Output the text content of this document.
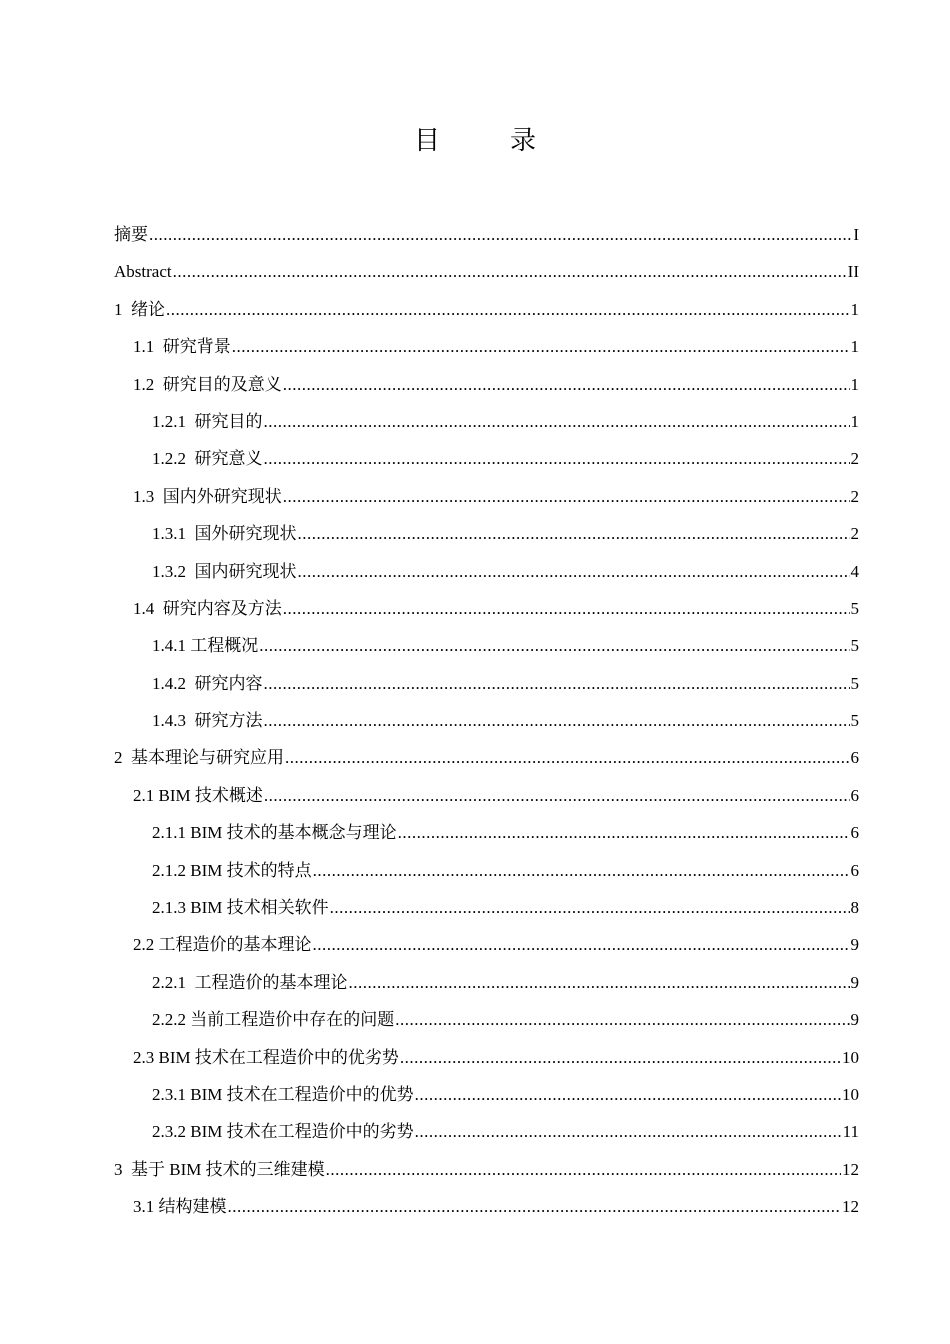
目　录
摘要 .....	I
Abstract .....	II
1  绪论 .....	1
1.1  研究背景 .....	1
1.2  研究目的及意义 .....	1
1.2.1  研究目的 .....	1
1.2.2  研究意义 .....	2
1.3  国内外研究现状 .....	2
1.3.1  国外研究现状 .....	2
1.3.2  国内研究现状 .....	4
1.4  研究内容及方法 .....	5
1.4.1 工程概况 .....	5
1.4.2  研究内容 .....	5
1.4.3  研究方法 .....	5
2  基本理论与研究应用 .....	6
2.1 BIM 技术概述 .....	6
2.1.1 BIM 技术的基本概念与理论 .....	6
2.1.2 BIM 技术的特点 .....	6
2.1.3 BIM 技术相关软件 .....	8
2.2 工程造价的基本理论 .....	9
2.2.1  工程造价的基本理论 .....	9
2.2.2 当前工程造价中存在的问题 .....	9
2.3 BIM 技术在工程造价中的优劣势 .....	10
2.3.1 BIM 技术在工程造价中的优势 .....	10
2.3.2 BIM 技术在工程造价中的劣势 .....	11
3  基于 BIM 技术的三维建模 .....	12
3.1 结构建模 .....	12
